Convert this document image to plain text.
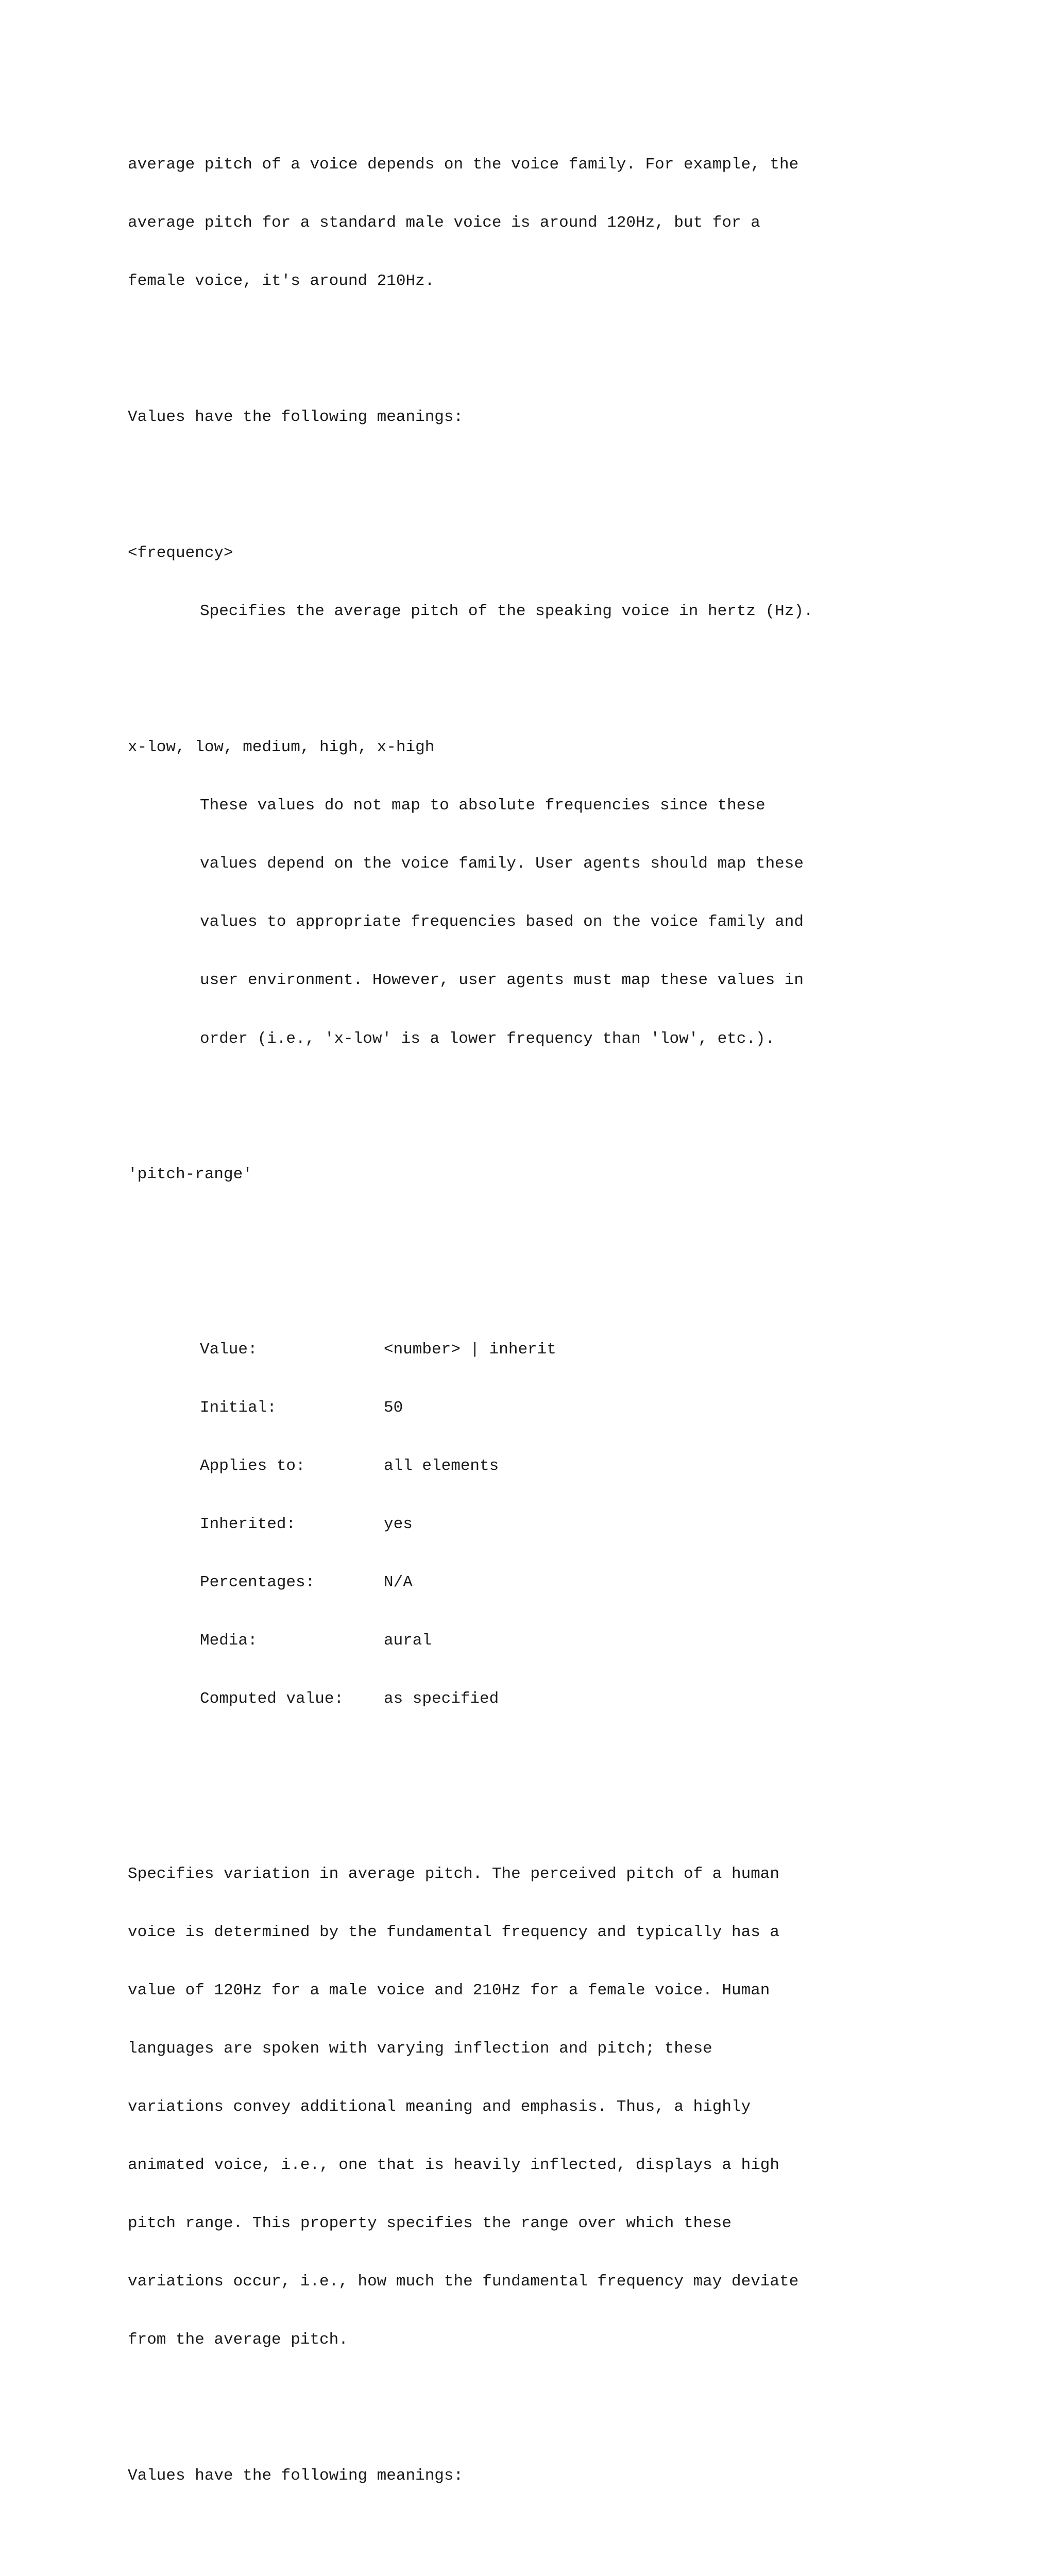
average pitch of a voice depends on the voice family. For example, the

average pitch for a standard male voice is around 120Hz, but for a

female voice, it's around 210Hz.

Values have the following meanings:

<frequency>

Specifies the average pitch of the speaking voice in hertz (Hz).

x-low, low, medium, high, x-high

These values do not map to absolute frequencies since these

values depend on the voice family. User agents should map these

values to appropriate frequencies based on the voice family and

user environment. However, user agents must map these values in

order (i.e., 'x-low' is a lower frequency than 'low', etc.).

'pitch-range'

Value:	<number> | inherit

Initial:	50

Applies to:	all elements

Inherited:	yes

Percentages:	N/A

Media:	aural

Computed value:	as specified

Specifies variation in average pitch. The perceived pitch of a human

voice is determined by the fundamental frequency and typically has a

value of 120Hz for a male voice and 210Hz for a female voice. Human

languages are spoken with varying inflection and pitch; these

variations convey additional meaning and emphasis. Thus, a highly

animated voice, i.e., one that is heavily inflected, displays a high

pitch range. This property specifies the range over which these

variations occur, i.e., how much the fundamental frequency may deviate

from the average pitch.

Values have the following meanings:
